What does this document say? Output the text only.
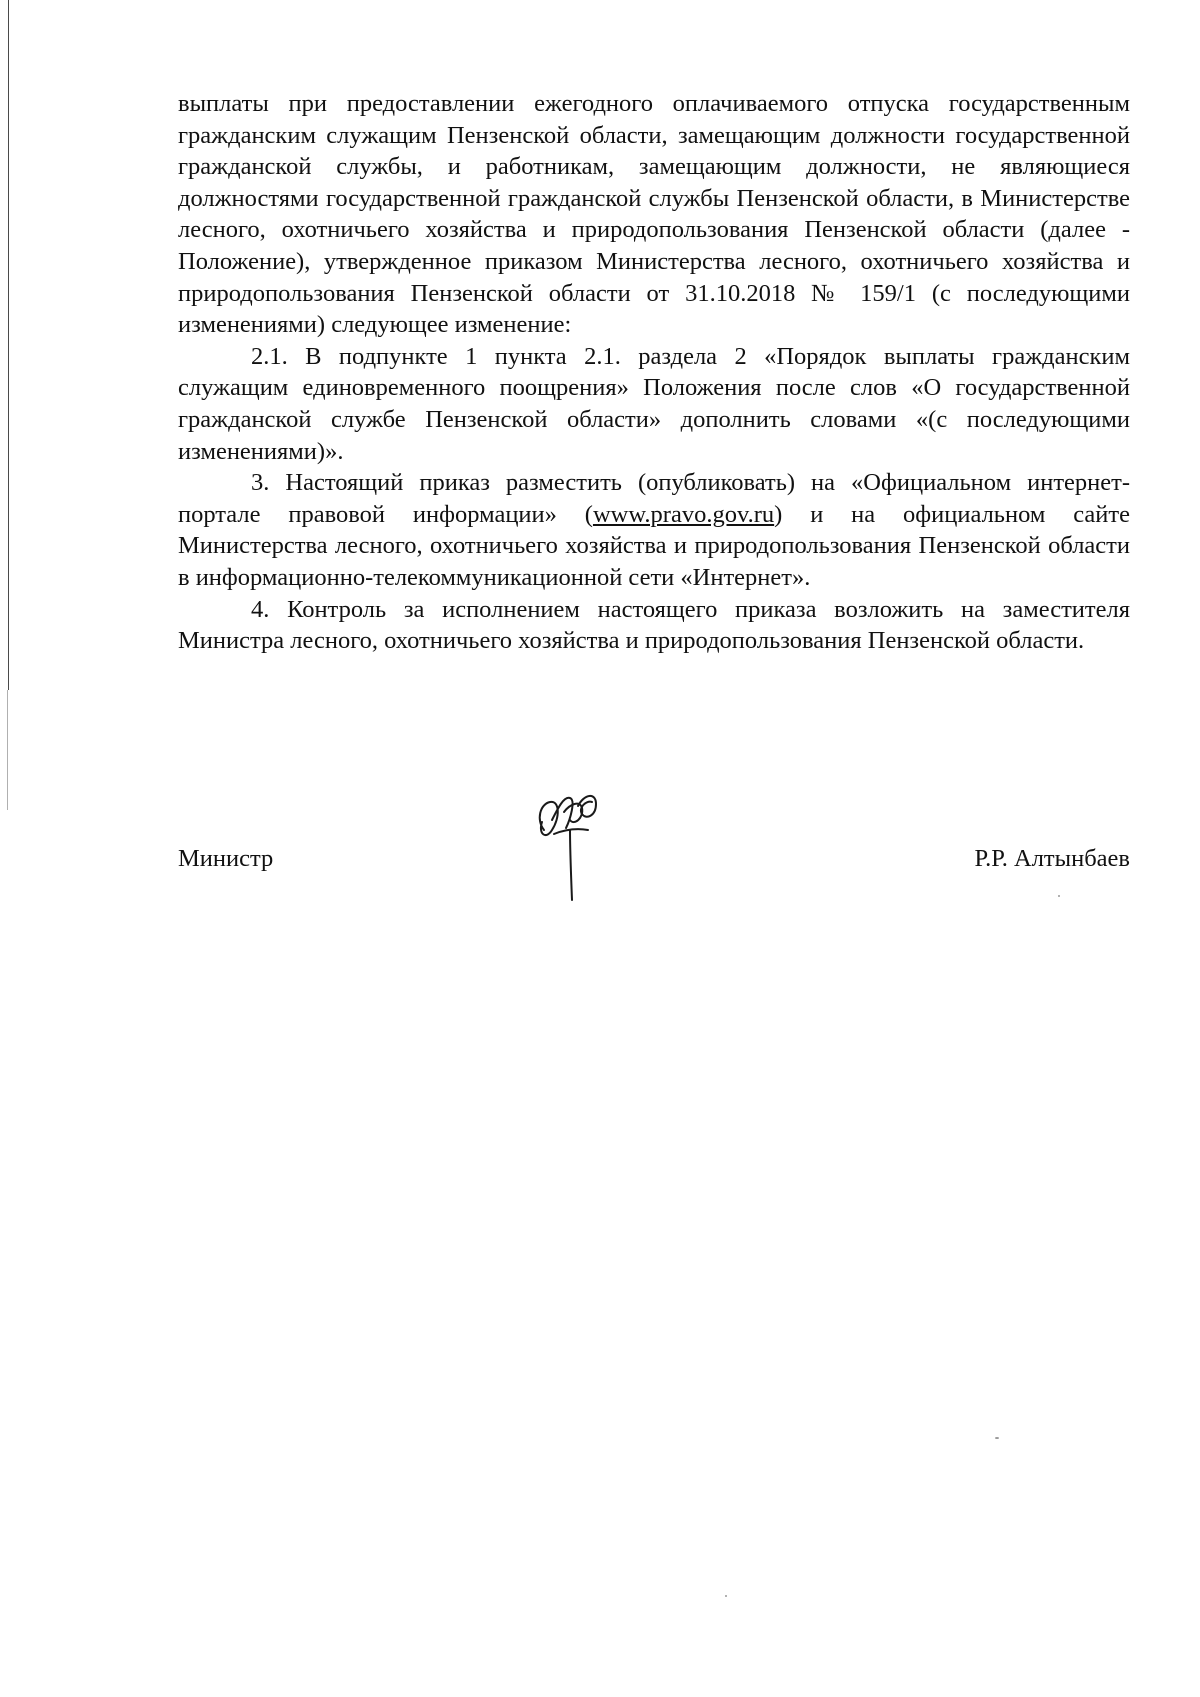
выплаты при предоставлении ежегодного оплачиваемого отпуска государственным гражданским служащим Пензенской области, замещающим должности государственной гражданской службы, и работникам, замещающим должности, не являющиеся должностями государственной гражданской службы Пензенской области, в Министерстве лесного, охотничьего хозяйства и природопользования Пензенской области (далее - Положение), утвержденное приказом Министерства лесного, охотничьего хозяйства и природопользования Пензенской области от 31.10.2018 № 159/1 (с последующими изменениями) следующее изменение:

2.1. В подпункте 1 пункта 2.1. раздела 2 «Порядок выплаты гражданским служащим единовременного поощрения» Положения после слов «О государственной гражданской службе Пензенской области» дополнить словами «(с последующими изменениями)».

3. Настоящий приказ разместить (опубликовать) на «Официальном интернет-портале правовой информации» (www.pravo.gov.ru) и на официальном сайте Министерства лесного, охотничьего хозяйства и природопользования Пензенской области в информационно-телекоммуникационной сети «Интернет».

4. Контроль за исполнением настоящего приказа возложить на заместителя Министра лесного, охотничьего хозяйства и природопользования Пензенской области.

Министр	Р.Р. Алтынбаев
